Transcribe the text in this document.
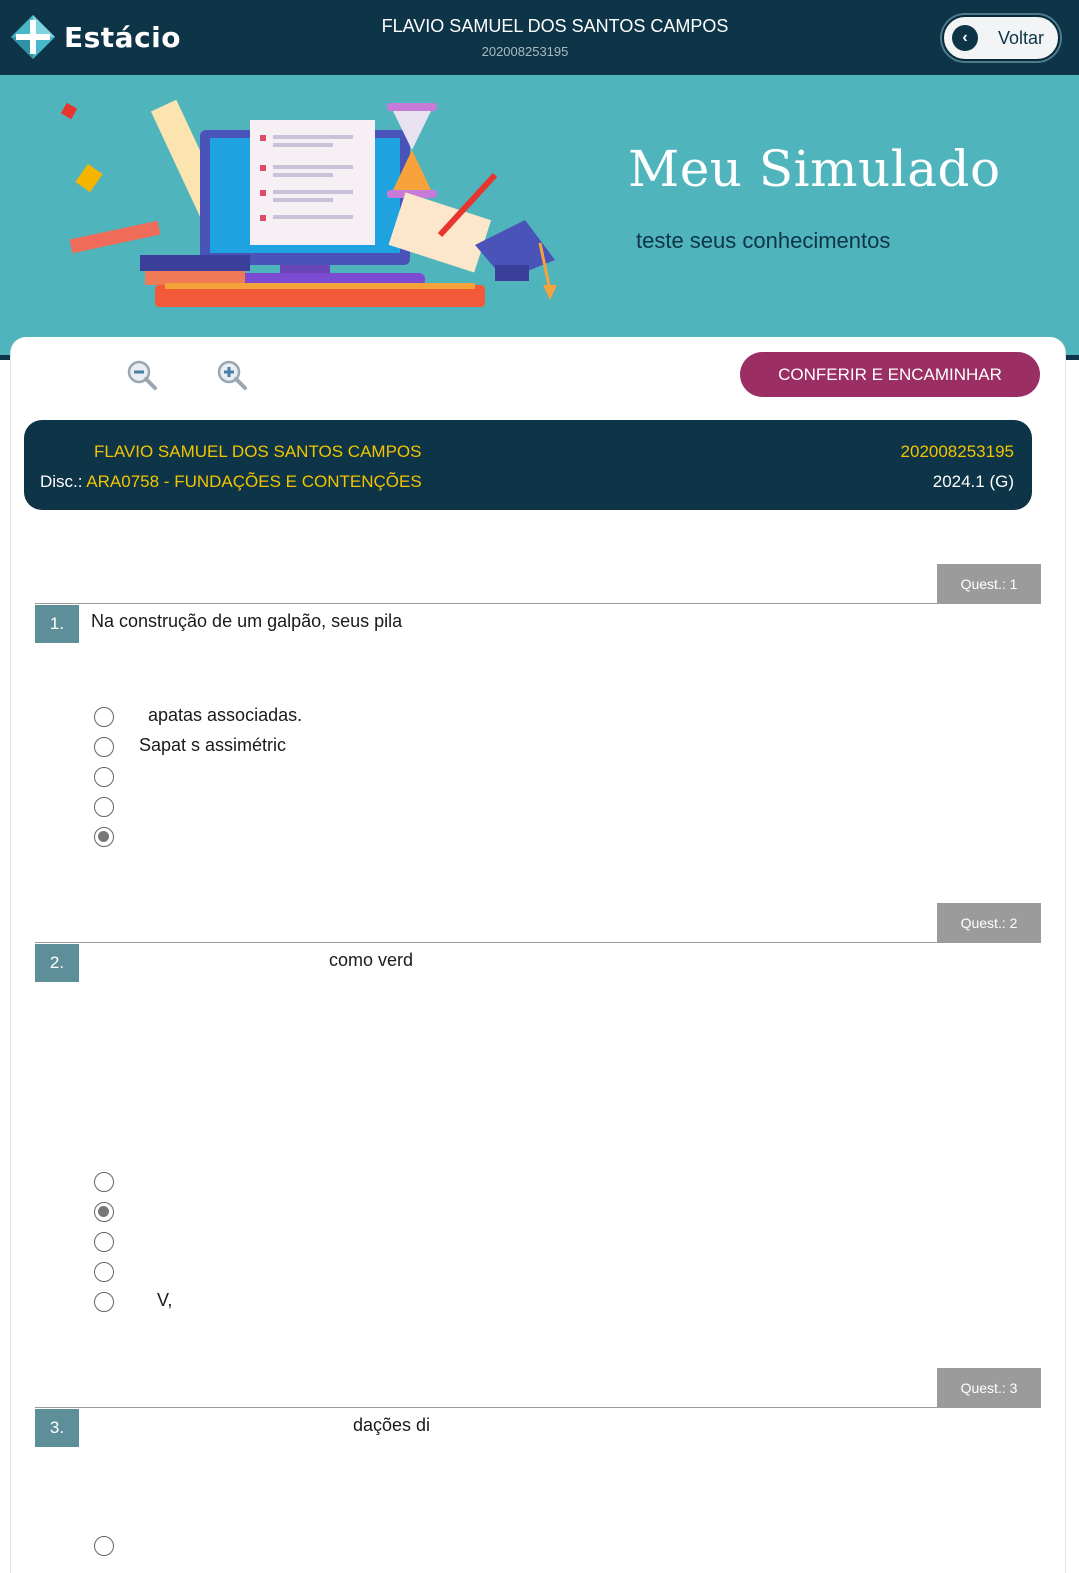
Estácio	FLAVIO SAMUEL DOS SANTOS CAMPOS
202008253195
‹	Voltar
Meu Simulado
teste seus conhecimentos
CONFERIR E ENCAMINHAR
FLAVIO SAMUEL DOS SANTOS CAMPOS	202008253195
Disc.: ARA0758 - FUNDAÇÕES E CONTENÇÕES	2024.1 (G)
Quest.: 1
1.	Na construção de um galpão, seus pila
apatas associadas.
Sapat s assimétric
Quest.: 2
2.	como verd
V,
Quest.: 3
3.	dações di
